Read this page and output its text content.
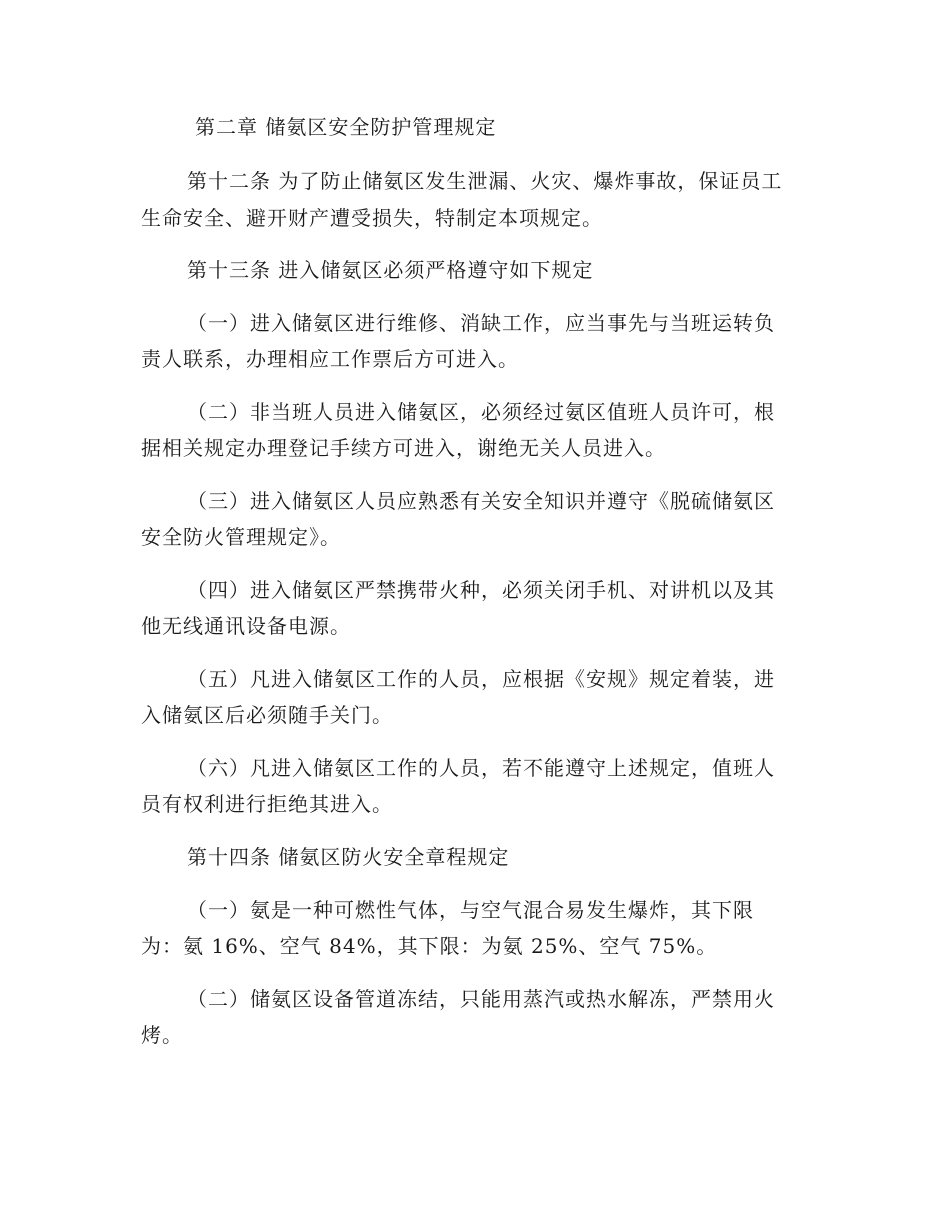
第二章 储氨区安全防护管理规定
第十二条 为了防止储氨区发生泄漏、火灾、爆炸事故，保证员工
生命安全、避开财产遭受损失，特制定本项规定。
第十三条 进入储氨区必须严格遵守如下规定
（一）进入储氨区进行维修、消缺工作，应当事先与当班运转负
责人联系，办理相应工作票后方可进入。
（二）非当班人员进入储氨区，必须经过氨区值班人员许可，根
据相关规定办理登记手续方可进入，谢绝无关人员进入。
（三）进入储氨区人员应熟悉有关安全知识并遵守《脱硫储氨区
安全防火管理规定》。
（四）进入储氨区严禁携带火种，必须关闭手机、对讲机以及其
他无线通讯设备电源。
（五）凡进入储氨区工作的人员，应根据《安规》规定着装，进
入储氨区后必须随手关门。
（六）凡进入储氨区工作的人员，若不能遵守上述规定，值班人
员有权利进行拒绝其进入。
第十四条 储氨区防火安全章程规定
（一）氨是一种可燃性气体，与空气混合易发生爆炸，其下限
为：氨 16%、空气 84%，其下限：为氨 25%、空气 75%。
（二）储氨区设备管道冻结，只能用蒸汽或热水解冻，严禁用火
烤。
